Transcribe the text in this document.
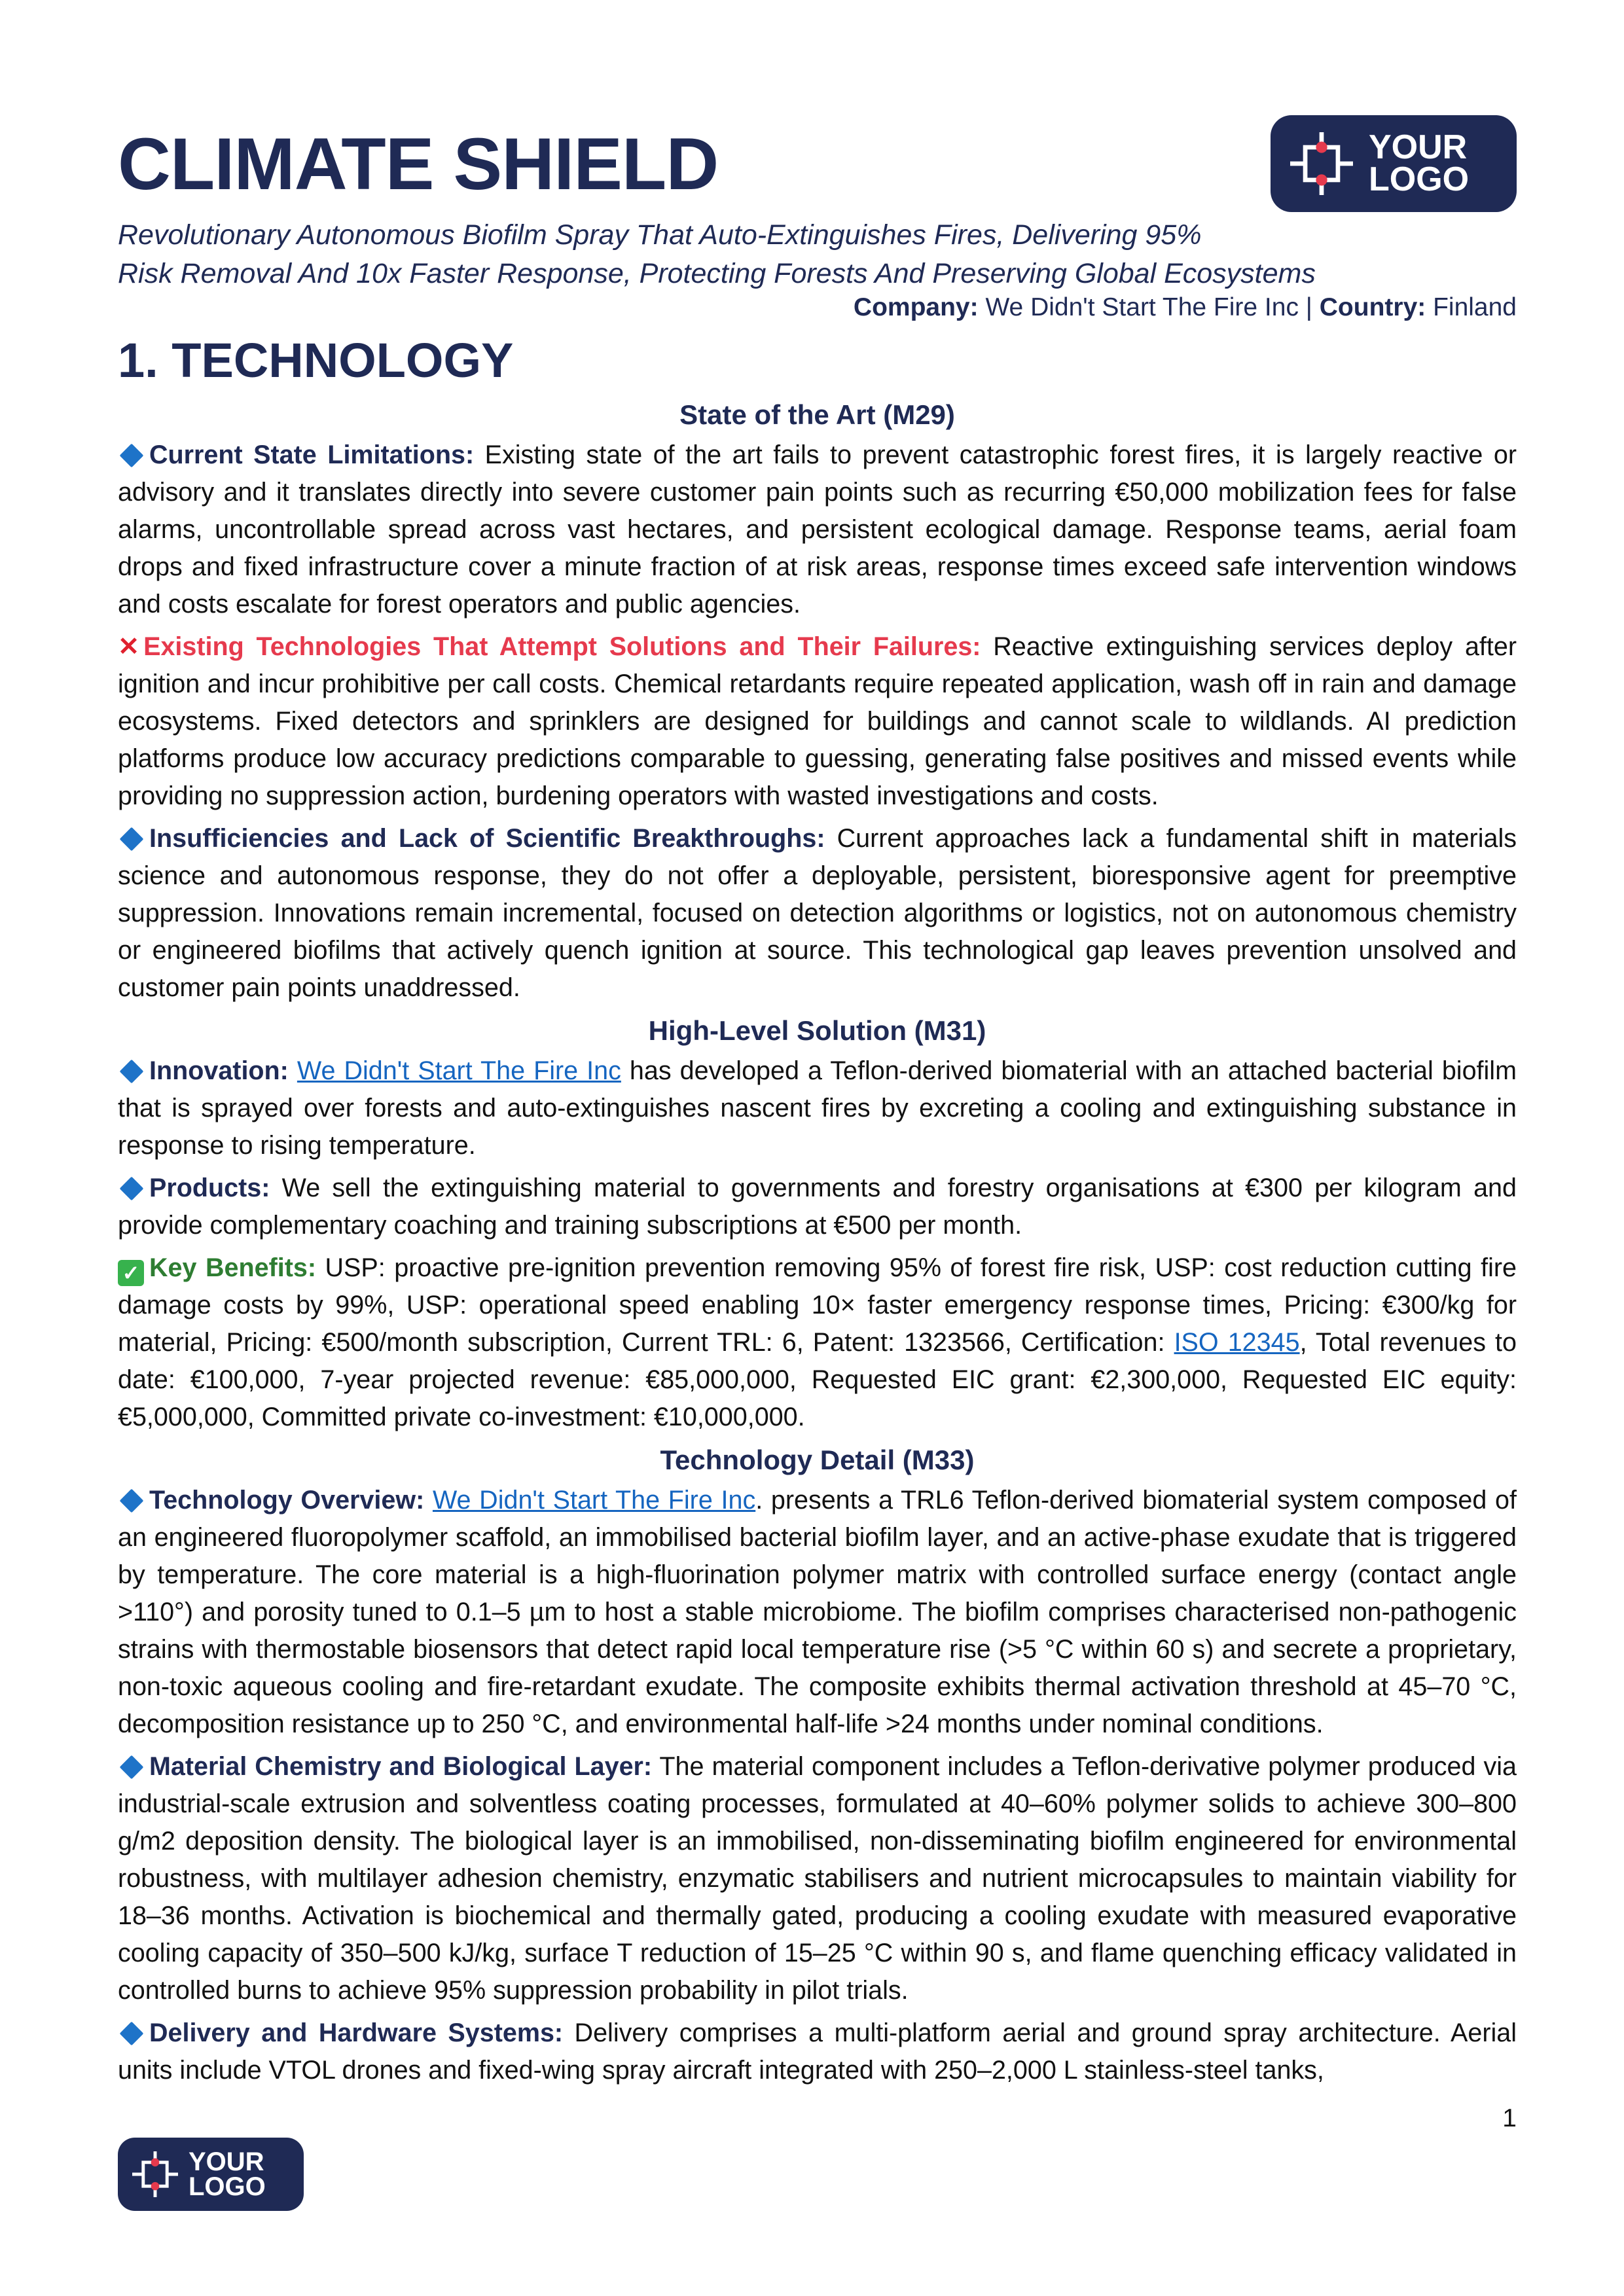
YOUR
LOGO
CLIMATE SHIELD
Revolutionary Autonomous Biofilm Spray That Auto-Extinguishes Fires, Delivering 95%
Risk Removal And 10x Faster Response, Protecting Forests And Preserving Global Ecosystems
Company: We Didn't Start The Fire Inc | Country: Finland
1. TECHNOLOGY
State of the Art (M29)

Current State Limitations: Existing state of the art fails to prevent catastrophic forest fires, it is largely reactive or advisory and it translates directly into severe customer pain points such as recurring €50,000 mobilization fees for false alarms, uncontrollable spread across vast hectares, and persistent ecological damage. Response teams, aerial foam drops and fixed infrastructure cover a minute fraction of at risk areas, response times exceed safe intervention windows and costs escalate for forest operators and public agencies.

✕ Existing Technologies That Attempt Solutions and Their Failures: Reactive extinguishing services deploy after ignition and incur prohibitive per call costs. Chemical retardants require repeated application, wash off in rain and damage ecosystems. Fixed detectors and sprinklers are designed for buildings and cannot scale to wildlands. AI prediction platforms produce low accuracy predictions comparable to guessing, generating false positives and missed events while providing no suppression action, burdening operators with wasted investigations and costs.

Insufficiencies and Lack of Scientific Breakthroughs: Current approaches lack a fundamental shift in materials science and autonomous response, they do not offer a deployable, persistent, bioresponsive agent for preemptive suppression. Innovations remain incremental, focused on detection algorithms or logistics, not on autonomous chemistry or engineered biofilms that actively quench ignition at source. This technological gap leaves prevention unsolved and customer pain points unaddressed.

High-Level Solution (M31)

Innovation: We Didn't Start The Fire Inc has developed a Teflon-derived biomaterial with an attached bacterial biofilm that is sprayed over forests and auto-extinguishes nascent fires by excreting a cooling and extinguishing substance in response to rising temperature.

Products: We sell the extinguishing material to governments and forestry organisations at €300 per kilogram and provide complementary coaching and training subscriptions at €500 per month.

✓ Key Benefits: USP: proactive pre-ignition prevention removing 95% of forest fire risk, USP: cost reduction cutting fire damage costs by 99%, USP: operational speed enabling 10× faster emergency response times, Pricing: €300/kg for material, Pricing: €500/month subscription, Current TRL: 6, Patent: 1323566, Certification: ISO 12345, Total revenues to date: €100,000, 7-year projected revenue: €85,000,000, Requested EIC grant: €2,300,000, Requested EIC equity: €5,000,000, Committed private co-investment: €10,000,000.

Technology Detail (M33)

Technology Overview: We Didn't Start The Fire Inc. presents a TRL6 Teflon-derived biomaterial system composed of an engineered fluoropolymer scaffold, an immobilised bacterial biofilm layer, and an active-phase exudate that is triggered by temperature. The core material is a high-fluorination polymer matrix with controlled surface energy (contact angle >110°) and porosity tuned to 0.1–5 µm to host a stable microbiome. The biofilm comprises characterised non-pathogenic strains with thermostable biosensors that detect rapid local temperature rise (>5 °C within 60 s) and secrete a proprietary, non-toxic aqueous cooling and fire-retardant exudate. The composite exhibits thermal activation threshold at 45–70 °C, decomposition resistance up to 250 °C, and environmental half-life >24 months under nominal conditions.

Material Chemistry and Biological Layer: The material component includes a Teflon-derivative polymer produced via industrial-scale extrusion and solventless coating processes, formulated at 40–60% polymer solids to achieve 300–800 g/m2 deposition density. The biological layer is an immobilised, non-disseminating biofilm engineered for environmental robustness, with multilayer adhesion chemistry, enzymatic stabilisers and nutrient microcapsules to maintain viability for 18–36 months. Activation is biochemical and thermally gated, producing a cooling exudate with measured evaporative cooling capacity of 350–500 kJ/kg, surface T reduction of 15–25 °C within 90 s, and flame quenching efficacy validated in controlled burns to achieve 95% suppression probability in pilot trials.

Delivery and Hardware Systems: Delivery comprises a multi-platform aerial and ground spray architecture. Aerial units include VTOL drones and fixed-wing spray aircraft integrated with 250–2,000 L stainless-steel tanks,

1
YOUR
LOGO
